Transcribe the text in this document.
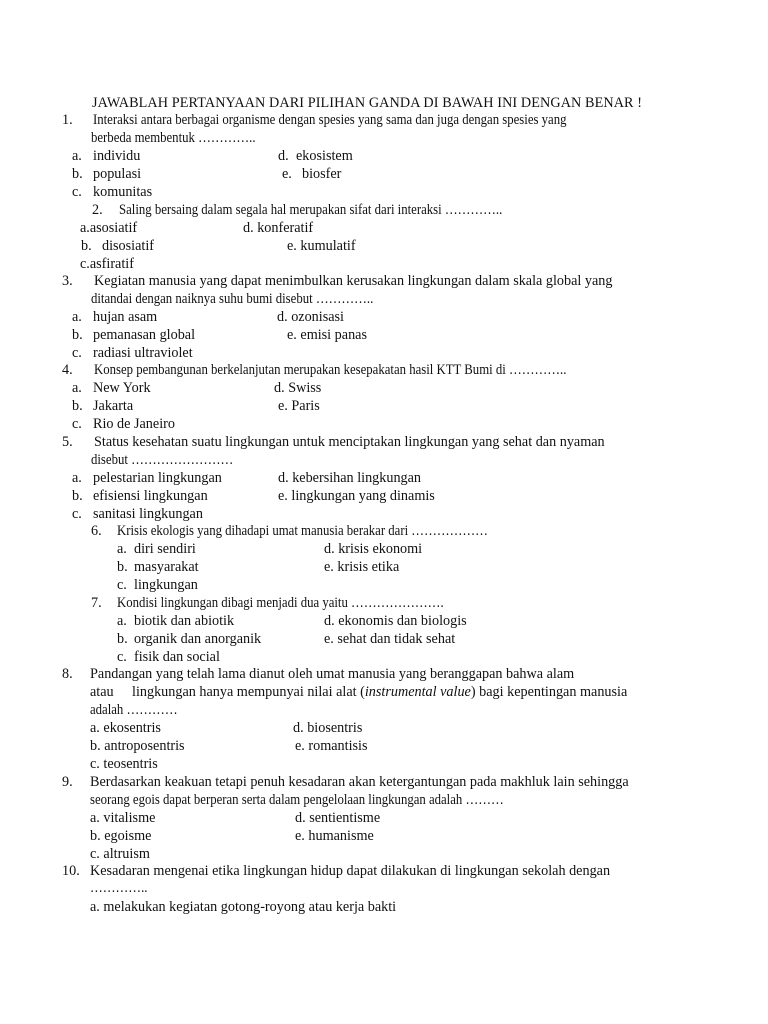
JAWABLAH PERTANYAAN DARI PILIHAN GANDA DI BAWAH INI DENGAN BENAR !
1. Interaksi antara berbagai organisme dengan spesies yang sama dan juga dengan spesies yang
berbeda membentuk …………..
a. individu
b. populasi
c. komunitas
d. ekosistem
e. biosfer
2. Saling bersaing dalam segala hal merupakan sifat dari interaksi …………..
a.asosiatif
b. disosiatif
c.asfiratif
d. konferatif
e. kumulatif
3. Kegiatan manusia yang dapat menimbulkan kerusakan lingkungan dalam skala global yang
ditandai dengan naiknya suhu bumi disebut …………..
a. hujan asam
b. pemanasan global
c. radiasi ultraviolet
d. ozonisasi
e. emisi panas
4. Konsep pembangunan berkelanjutan merupakan kesepakatan hasil KTT Bumi di …………..
a. New York
b. Jakarta
c. Rio de Janeiro
d. Swiss
e. Paris
5. Status kesehatan suatu lingkungan untuk menciptakan lingkungan yang sehat dan nyaman
disebut ……………………
a. pelestarian lingkungan
b. efisiensi lingkungan
c. sanitasi lingkungan
d. kebersihan lingkungan
e. lingkungan yang dinamis
6. Krisis ekologis yang dihadapi umat manusia berakar dari ………………
a. diri sendiri
b. masyarakat
c. lingkungan
d. krisis ekonomi
e. krisis etika
7. Kondisi lingkungan dibagi menjadi dua yaitu ………………….
a. biotik dan abiotik
b. organik dan anorganik
c. fisik dan social
d. ekonomis dan biologis
e. sehat dan tidak sehat
8. Pandangan yang telah lama dianut oleh umat manusia yang beranggapan bahwa alam
atau lingkungan hanya mempunyai nilai alat (instrumental value) bagi kepentingan manusia
adalah …………
a. ekosentris
b. antroposentris
c. teosentris
d. biosentris
e. romantisis
9. Berdasarkan keakuan tetapi penuh kesadaran akan ketergantungan pada makhluk lain sehingga
seorang egois dapat berperan serta dalam pengelolaan lingkungan adalah ………
a. vitalisme
b. egoisme
c. altruism
d. sentientisme
e. humanisme
10. Kesadaran mengenai etika lingkungan hidup dapat dilakukan di lingkungan sekolah dengan
…………..
a. melakukan kegiatan gotong-royong atau kerja bakti
